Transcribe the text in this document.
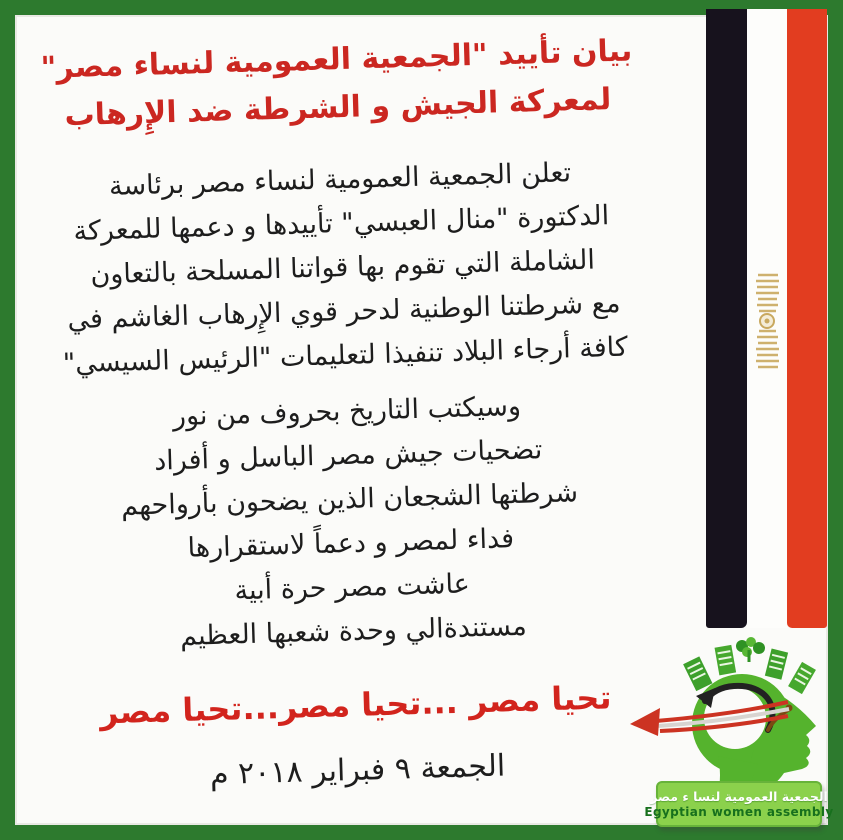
بيان تأييد "الجمعية العمومية لنساء مصر"
لمعركة الجيش و الشرطة ضد الإِرهاب
تعلن الجمعية العمومية لنساء مصر برئاسة
الدكتورة "منال العبسي" تأييدها و دعمها للمعركة
الشاملة التي تقوم بها قواتنا المسلحة بالتعاون
مع شرطتنا الوطنية لدحر قوي الإِرهاب الغاشم في
كافة أرجاء البلاد تنفيذا لتعليمات "الرئيس السيسي"
وسيكتب التاريخ بحروف من نور
تضحيات جيش مصر الباسل و أفراد
شرطتها الشجعان الذين يضحون بأرواحهم
فداء لمصر و دعماً لاستقرارها
عاشت مصر حرة أبية
مستندةالي وحدة شعبها العظيم
تحيا مصر ...تحيا مصر...تحيا مصر
الجمعة ٩ فبراير ٢٠١٨ م
الجمعية العمومية لنسا ء مصر
Egyptian women assembly
